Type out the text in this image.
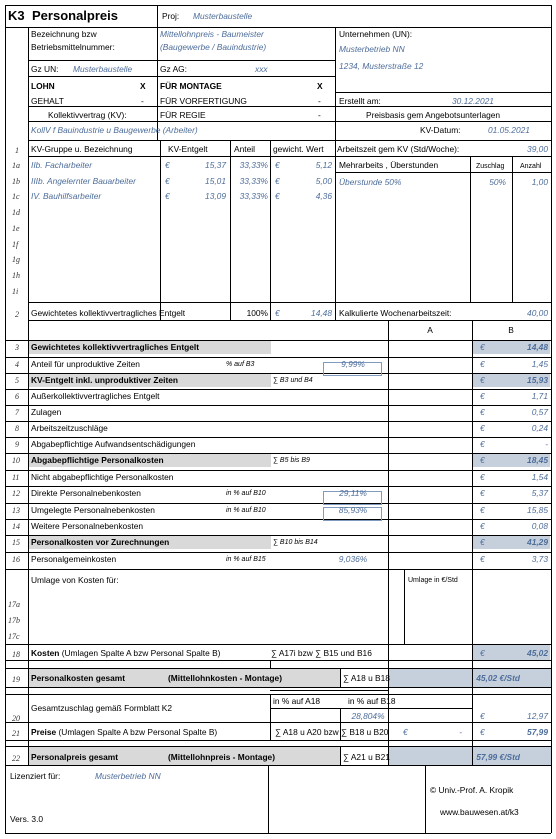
K3 Personalpreis	Proj: Musterbaustelle
Bezeichnung bzw
Betriebsmittelnummer:
Mittellohnpreis - Baumeister
(Baugewerbe / Bauindustrie)
Unternehmen (UN):
Musterbetrieb NN
1234, Musterstraße 12
Gz UN: Musterbaustelle	Gz AG:	xxx
LOHN	X
GEHALT	-
Kollektivvertrag (KV):
FÜR MONTAGE	X
FÜR VORFERTIGUNG	-
FÜR REGIE	-
Erstellt am:	30.12.2021
Preisbasis gem Angebotsunterlagen
KollV f Bauindustrie u Baugewerbe (Arbeiter)	KV-Datum:	01.05.2021
1 KV-Gruppe u. Bezeichnung	KV-Entgelt	Anteil gewicht. Wert Arbeitszeit gem KV (Std/Woche):	39,00
Mehrarbeits , Überstunden	Zuschlag Anzahl
Überstunde 50%	50%	1,00
1a IIb. Facharbeiter	€	15,37	33,33% €	5,12
1b IIIb. Angelernter Bauarbeiter	€	15,01	33,33% €	5,00
1c IV. Bauhilfsarbeiter	€	13,09	33,33% €	4,36
1d
1e
1f
1g
1h
1i
2 Gewichtetes kollektivvertragliches Entgelt	100% €	14,48 Kalkulierte Wochenarbeitszeit:	40,00
A	B
3 Gewichtetes kollektivvertragliches Entgelt	€	14,48
4 Anteil für unproduktive Zeiten	% auf B3	9,99%	€	1,45
5 KV-Entgelt inkl. unproduktiver Zeiten	∑ B3 und B4	€	15,93
6 Außerkollektivvertragliches Entgelt	€	1,71
7 Zulagen	€	0,57
8 Arbeitszeitzuschläge	€	0,24
9 Abgabepflichtige Aufwandsentschädigungen	€	-
10 Abgabepflichtige Personalkosten	∑ B5 bis B9	€	18,45
11 Nicht abgabepflichtige Personalkosten	€	1,54
12 Direkte Personalnebenkosten	in % auf B10	29,11%	€	5,37
13 Umgelegte Personalnebenkosten	in % auf B10	85,93%	€	15,85
14 Weitere Personalnebenkosten	€	0,08
15 Personalkosten vor Zurechnungen	∑ B10 bis B14	€	41,29
16 Personalgemeinkosten	in % auf B15	9,036%	€	3,73
Umlage von Kosten für:	Umlage in €/Std
17a
17b
17c
18 Kosten (Umlagen Spalte A bzw Personal Spalte B)	∑ A17i bzw ∑ B15 und B16	€	45,02
19 Personalkosten gesamt	(Mittellohnkosten - Montage)	∑ A18 u B18	45,02 €/Std
in % auf A18	in % auf B18
Gesamtzuschlag gemäß Formblatt K2
20	28,804%	€	12,97
21 Preise (Umlagen Spalte A bzw Personal Spalte B)	∑ A18 u A20 bzw ∑ B18 u B20 €	- €	57,99
22 Personalpreis gesamt	(Mittellohnpreis - Montage)	∑ A21 u B21	57,99 €/Std
Lizenziert für:	Musterbetrieb NN
Vers. 3.0
© Univ.-Prof. A. Kropik
www.bauwesen.at/k3
